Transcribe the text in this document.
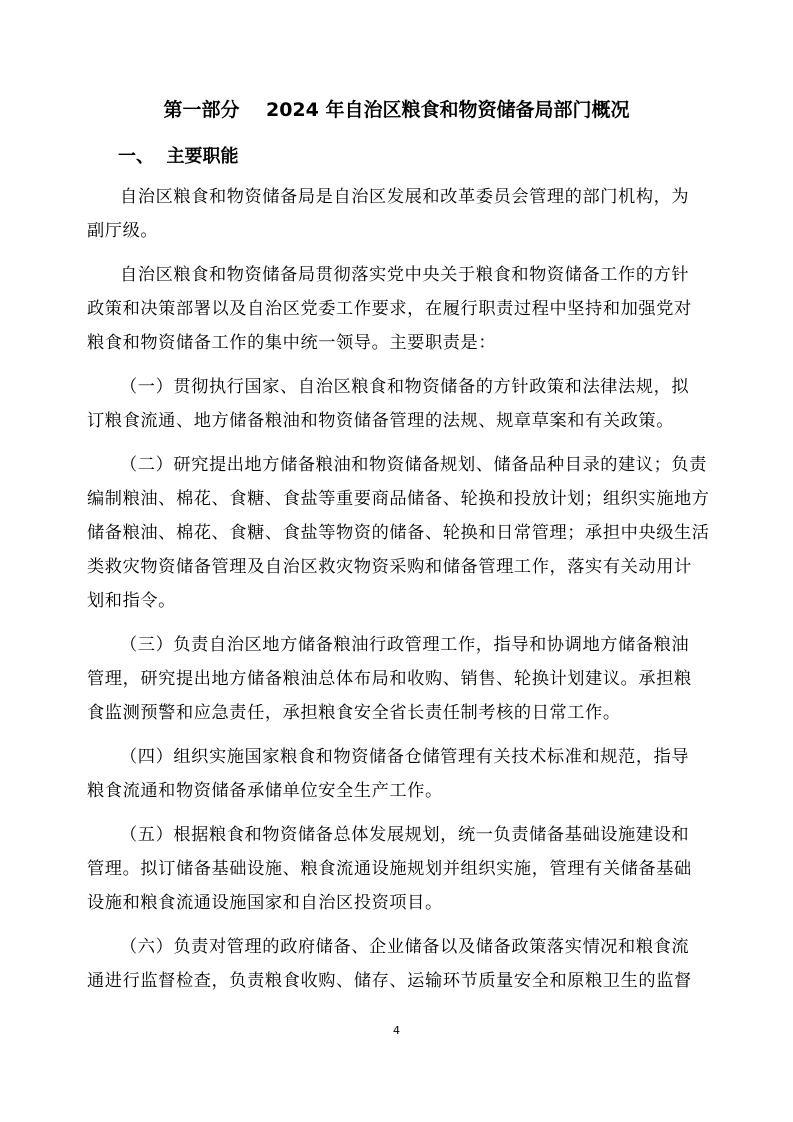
第一部分    2024 年自治区粮食和物资储备局部门概况
一、  主要职能

自治区粮食和物资储备局是自治区发展和改革委员会管理的部门机构，为
副厅级。

自治区粮食和物资储备局贯彻落实党中央关于粮食和物资储备工作的方针
政策和决策部署以及自治区党委工作要求，在履行职责过程中坚持和加强党对
粮食和物资储备工作的集中统一领导。主要职责是：

（一）贯彻执行国家、自治区粮食和物资储备的方针政策和法律法规，拟
订粮食流通、地方储备粮油和物资储备管理的法规、规章草案和有关政策。

（二）研究提出地方储备粮油和物资储备规划、储备品种目录的建议；负责
编制粮油、棉花、食糖、食盐等重要商品储备、轮换和投放计划；组织实施地方
储备粮油、棉花、食糖、食盐等物资的储备、轮换和日常管理；承担中央级生活
类救灾物资储备管理及自治区救灾物资采购和储备管理工作，落实有关动用计
划和指令。

（三）负责自治区地方储备粮油行政管理工作，指导和协调地方储备粮油
管理，研究提出地方储备粮油总体布局和收购、销售、轮换计划建议。承担粮
食监测预警和应急责任，承担粮食安全省长责任制考核的日常工作。

（四）组织实施国家粮食和物资储备仓储管理有关技术标准和规范，指导
粮食流通和物资储备承储单位安全生产工作。

（五）根据粮食和物资储备总体发展规划，统一负责储备基础设施建设和
管理。拟订储备基础设施、粮食流通设施规划并组织实施，管理有关储备基础
设施和粮食流通设施国家和自治区投资项目。

（六）负责对管理的政府储备、企业储备以及储备政策落实情况和粮食流
通进行监督检查，负责粮食收购、储存、运输环节质量安全和原粮卫生的监督

4
